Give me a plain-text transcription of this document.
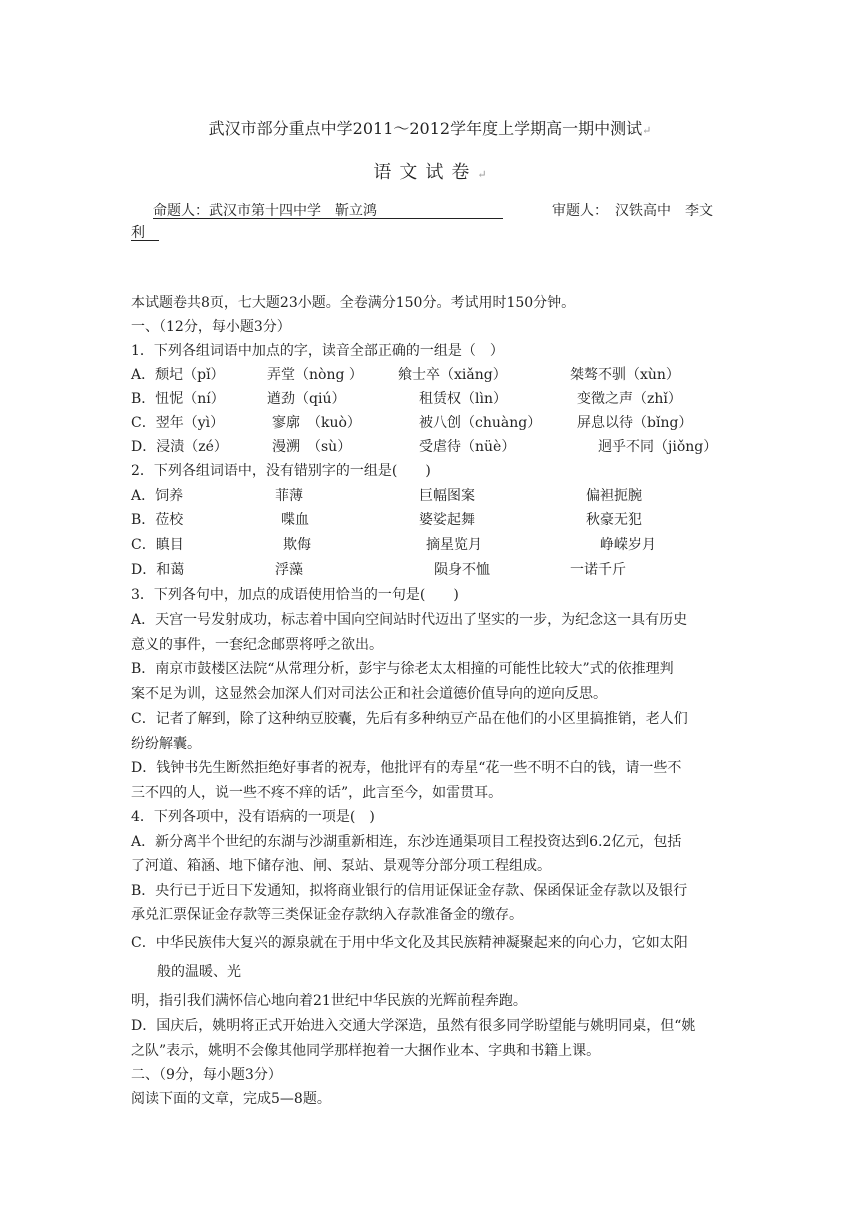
武汉市部分重点中学2011～2012学年度上学期高一期中测试↵
语文试卷↵
命题人：武汉市第十四中学　靳立鸿　　　　　　　　　	审题人：　汉铁高中　李文
利　
本试题卷共8页，七大题23小题。全卷满分150分。考试用时150分钟。
一、（12分，每小题3分）
1．下列各组词语中加点的字，读音全部正确的一组是（　）
A．颓圮（pǐ）	弄堂（nòng ）	飨士卒（xiǎng）	桀骜不驯（xùn）
B．忸怩（ní）	遒劲（qiú）	租赁权（lìn）	变徵之声（zhǐ）
C．翌年（yì）	寥廓　（kuò）	被八创（chuàng）	屏息以待（bǐng）
D．浸渍（zé）	漫溯　（sù）	受虐待（nüè）	迥乎不同（jiǒng）
2．下列各组词语中，没有错别字的一组是(　　)
A．饲养	菲薄	巨幅图案	偏袒扼腕
B．莅校	喋血	婆娑起舞	秋豪无犯
C．瞋目	欺侮	摘星览月	峥嵘岁月
D．和蔼	浮藻	陨身不恤	一诺千斤
3．下列各句中，加点的成语使用恰当的一句是(　　)
A．天宫一号发射成功，标志着中国向空间站时代迈出了坚实的一步，为纪念这一具有历史
意义的事件，一套纪念邮票将呼之欲出。
B．南京市鼓楼区法院“从常理分析，彭宇与徐老太太相撞的可能性比较大”式的依推理判
案不足为训，这显然会加深人们对司法公正和社会道德价值导向的逆向反思。
C．记者了解到，除了这种纳豆胶囊，先后有多种纳豆产品在他们的小区里搞推销，老人们
纷纷解囊。
D．钱钟书先生断然拒绝好事者的祝寿，他批评有的寿星“花一些不明不白的钱，请一些不
三不四的人，说一些不疼不痒的话”，此言至今，如雷贯耳。
4．下列各项中，没有语病的一项是(　)
A．新分离半个世纪的东湖与沙湖重新相连，东沙连通渠项目工程投资达到6.2亿元，包括
了河道、箱涵、地下储存池、闸、泵站、景观等分部分项工程组成。
B．央行已于近日下发通知，拟将商业银行的信用证保证金存款、保函保证金存款以及银行
承兑汇票保证金存款等三类保证金存款纳入存款准备金的缴存。
C．中华民族伟大复兴的源泉就在于用中华文化及其民族精神凝聚起来的向心力，它如太阳
般的温暖、光
明，指引我们满怀信心地向着21世纪中华民族的光辉前程奔跑。
D．国庆后，姚明将正式开始进入交通大学深造，虽然有很多同学盼望能与姚明同桌，但“姚
之队”表示，姚明不会像其他同学那样抱着一大捆作业本、字典和书籍上课。
二、（9分，每小题3分）
阅读下面的文章，完成5—8题。
